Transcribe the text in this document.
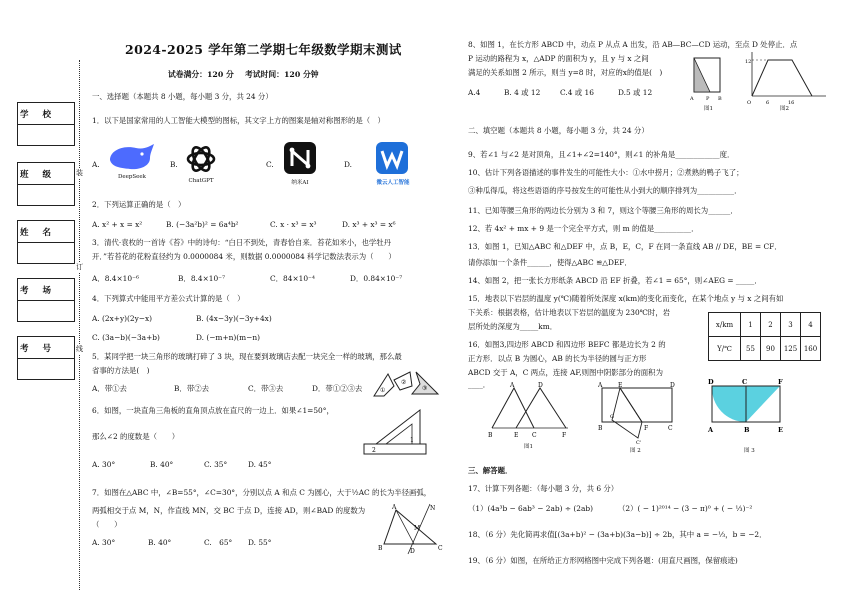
学校
班级
姓名
考场
考号
装
订
线
2024-2025 学年第二学期七年级数学期末测试
试卷满分：120 分 考试时间：120 分钟
一、选择题（本题共 8 小题，每小题 3 分，共 24 分）
1．以下是国家常用的人工智能大模型的图标，其文字上方的图案是轴对称图形的是（　）
A.
DeepSeek
B.
ChatGPT
C.
纳米AI
D.
微云人工智能
2．下列运算正确的是（　）
A. x² + x = x²	B. (−3a²b)² = 6a⁴b²	C. x · x³ = x³	D. x³ + x³ = x⁶
3．清代·袁枚的一首诗《苔》中的诗句：“白日不到处，青春恰自来．苔花如米小，也学牡丹
开．”若苔花的花粉直径约为 0.0000084 米，则数据 0.0000084 科学记数法表示为（　　）
A．8.4×10⁻⁶	B．8.4×10⁻⁷	C．84×10⁻⁴	D．0.84×10⁻⁷
4．下列算式中能用平方差公式计算的是（　）
A. (2x+y)(2y−x)	B. (4x−3y)(−3y+4x)
C. (3a−b)(−3a+b)	D. (−m+n)(m−n)
5．某同学把一块三角形的玻璃打碎了 3 块，现在要到玻璃店去配一块完全一样的玻璃，那么最
省事的方法是(　)
①
②
③
A．带①去	B．带②去	C．带③去	D．带①②③去
6．如图，一块直角三角板的直角顶点放在直尺的一边上．如果∠1=50°，
2
1
那么∠2 的度数是（　　）
A. 30°	B. 40°	C. 35°	D. 45°
7．如图在△ABC 中，∠B=55°，∠C=30°，分别以点 A 和点 C 为圆心，大于½AC 的长为半径画弧，
两弧相交于点 M，N，作直线 MN，交 BC 于点 D，连接 AD，则∠BAD 的度数为
（　　）
A
B	C
D
N
M
A. 30°	B. 40°	C.　65° D. 55°
8、如图 1，在长方形 ABCD 中，动点 P 从点 A 出发，沿 AB—BC—CD 运动，至点 D 处停止．点
P 运动的路程为 x，△ADP 的面积为 y，且 y 与 x 之间
满足的关系如图 2 所示，则当 y=8 时，对应的x的值是(　)
A.4	B. 4 或 12	C.4 或 16	D.5 或 12
A P B
图1
12
6	16
O
图2
二、填空题（本题共 8 小题，每小题 3 分，共 24 分）
9、若∠1 与∠2 是对顶角，且∠1+∠2=140°，则∠1 的补角是____________度．
10、估计下列各语描述的事件发生的可能性大小：①水中捞月；②煮熟的鸭子飞了；
③种瓜得瓜，将这些语语的序号按发生的可能性从小到大的顺序排列为__________．
11、已知等腰三角形的两边长分别为 3 和 7，则这个等腰三角形的周长为______．
12、若 4x² + mx + 9 是一个完全平方式，则 m 的值是__________．
13．如图 1，已知△ABC 和△DEF 中，点 B，E，C，F 在同一条直线 AB // DE，BE = CF．
请你添加一个条件______，使得△ABC ≌△DEF．
14、如图 2，把一张长方形纸条 ABCD 沿 EF 折叠，若∠1 = 65°，则∠AEG = _____．
15．地表以下岩层的温度 y(℃)随着所处深度 x(km)的变化而变化，在某个地点 y 与 x 之间有如
下关系：根据表格，估计地表以下岩层的温度为 230℃时，岩
层所处的深度为_____km．	x/km	1	2	3	4
Y/℃	55	90	125	160
16．如图3,四边形 ABCD 和四边形 BEFC 都是边长为 2 的
正方形．以点 B 为圆心，AB 的长为半径的圆与正方形
ABCD 交于 A，C 两点，连接 AF,则图中阴影部分的面积为
____．	A	D
B	E C	F
图1
A	E	D
B	F	C
G
C'
图 2
D	C	F
A	B	E
图 3
三、解答题．
17、计算下列各题：（每小题 3 分，共 6 分）
（1）(4a³b − 6ab³ − 2ab) ÷ (2ab)	（2）( − 1)²⁰¹⁴ − (3 − π)⁰ + ( − ⅓)⁻²
18、（6 分）先化简再求值[(3a+b)² − (3a+b)(3a−b)] ÷ 2b，其中 a = −⅓，b = −2．
19、（6 分）如图，在所给正方形网格图中完成下列各题：(用直尺画图，保留痕迹)
